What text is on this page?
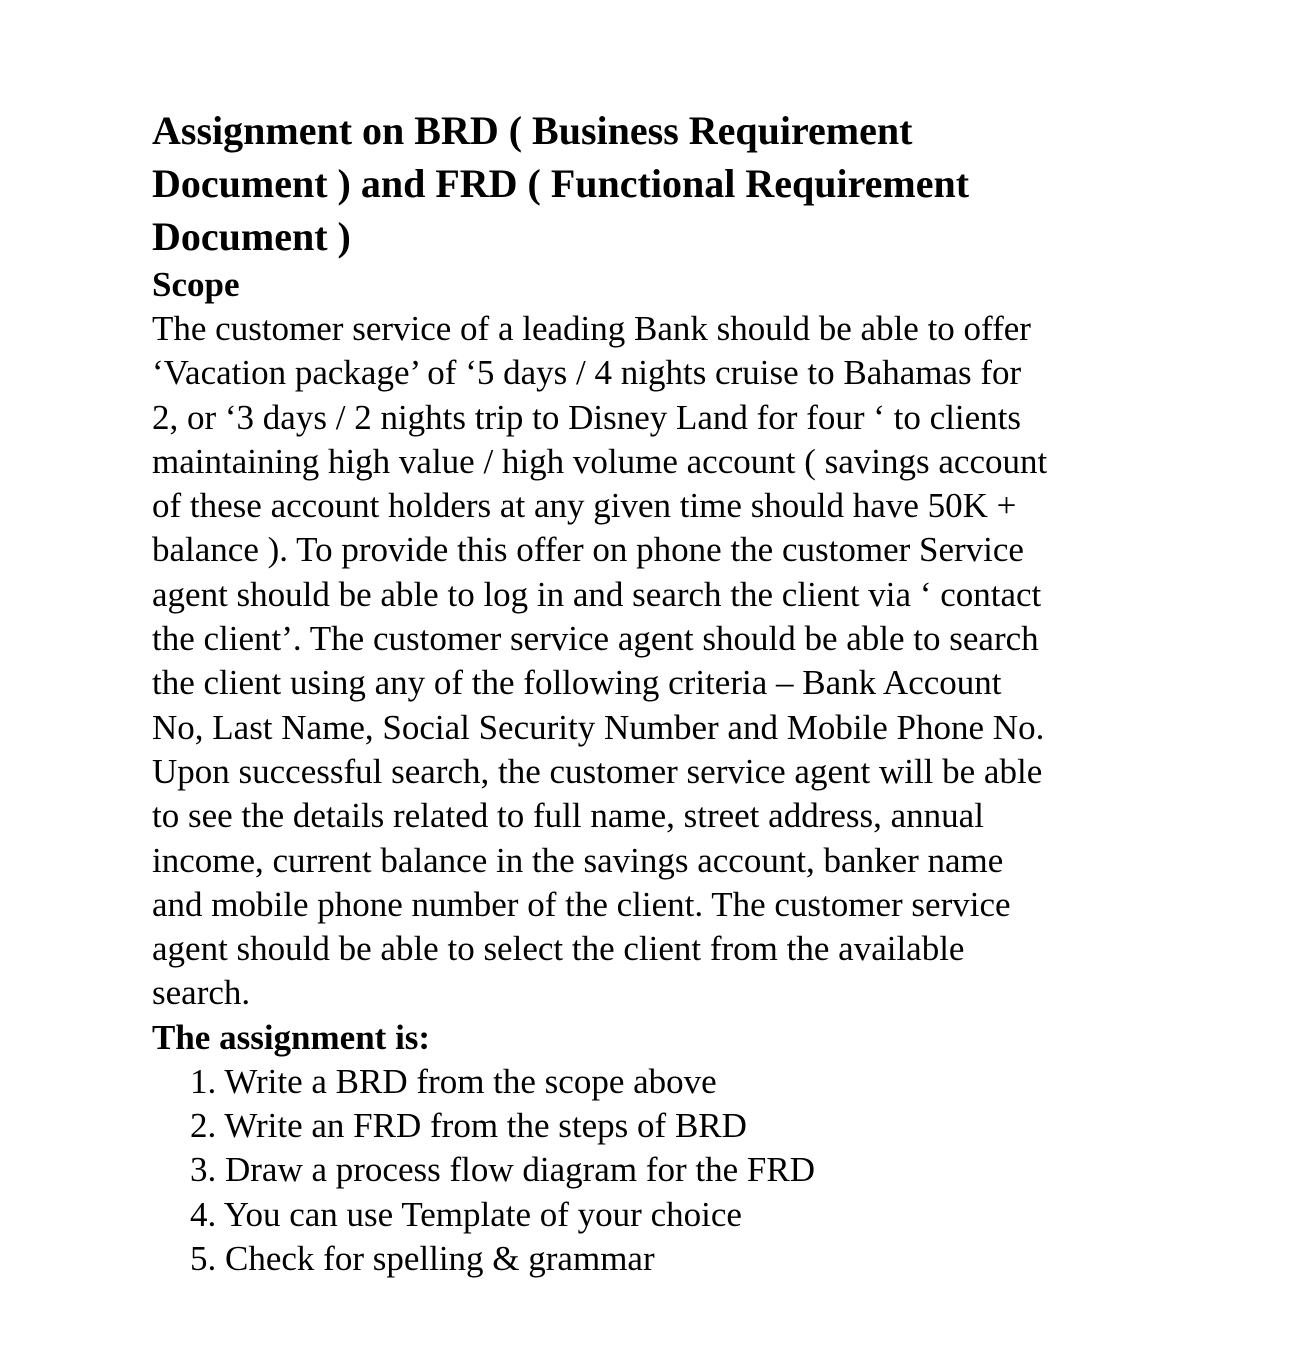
Assignment on BRD ( Business Requirement
Document ) and FRD ( Functional Requirement
Document )
Scope

The customer service of a leading Bank should be able to offer
‘Vacation package’ of ‘5 days / 4 nights cruise to Bahamas for
2, or ‘3 days / 2 nights trip to Disney Land for four ‘ to clients
maintaining high value / high volume account ( savings account
of these account holders at any given time should have 50K +
balance ). To provide this offer on phone the customer Service
agent should be able to log in and search the client via ‘ contact
the client’. The customer service agent should be able to search
the client using any of the following criteria – Bank Account
No, Last Name, Social Security Number and Mobile Phone No.
Upon successful search, the customer service agent will be able
to see the details related to full name, street address, annual
income, current balance in the savings account, banker name
and mobile phone number of the client. The customer service
agent should be able to select the client from the available
search.

The assignment is:
1. Write a BRD from the scope above
2. Write an FRD from the steps of BRD
3. Draw a process flow diagram for the FRD
4. You can use Template of your choice
5. Check for spelling & grammar
